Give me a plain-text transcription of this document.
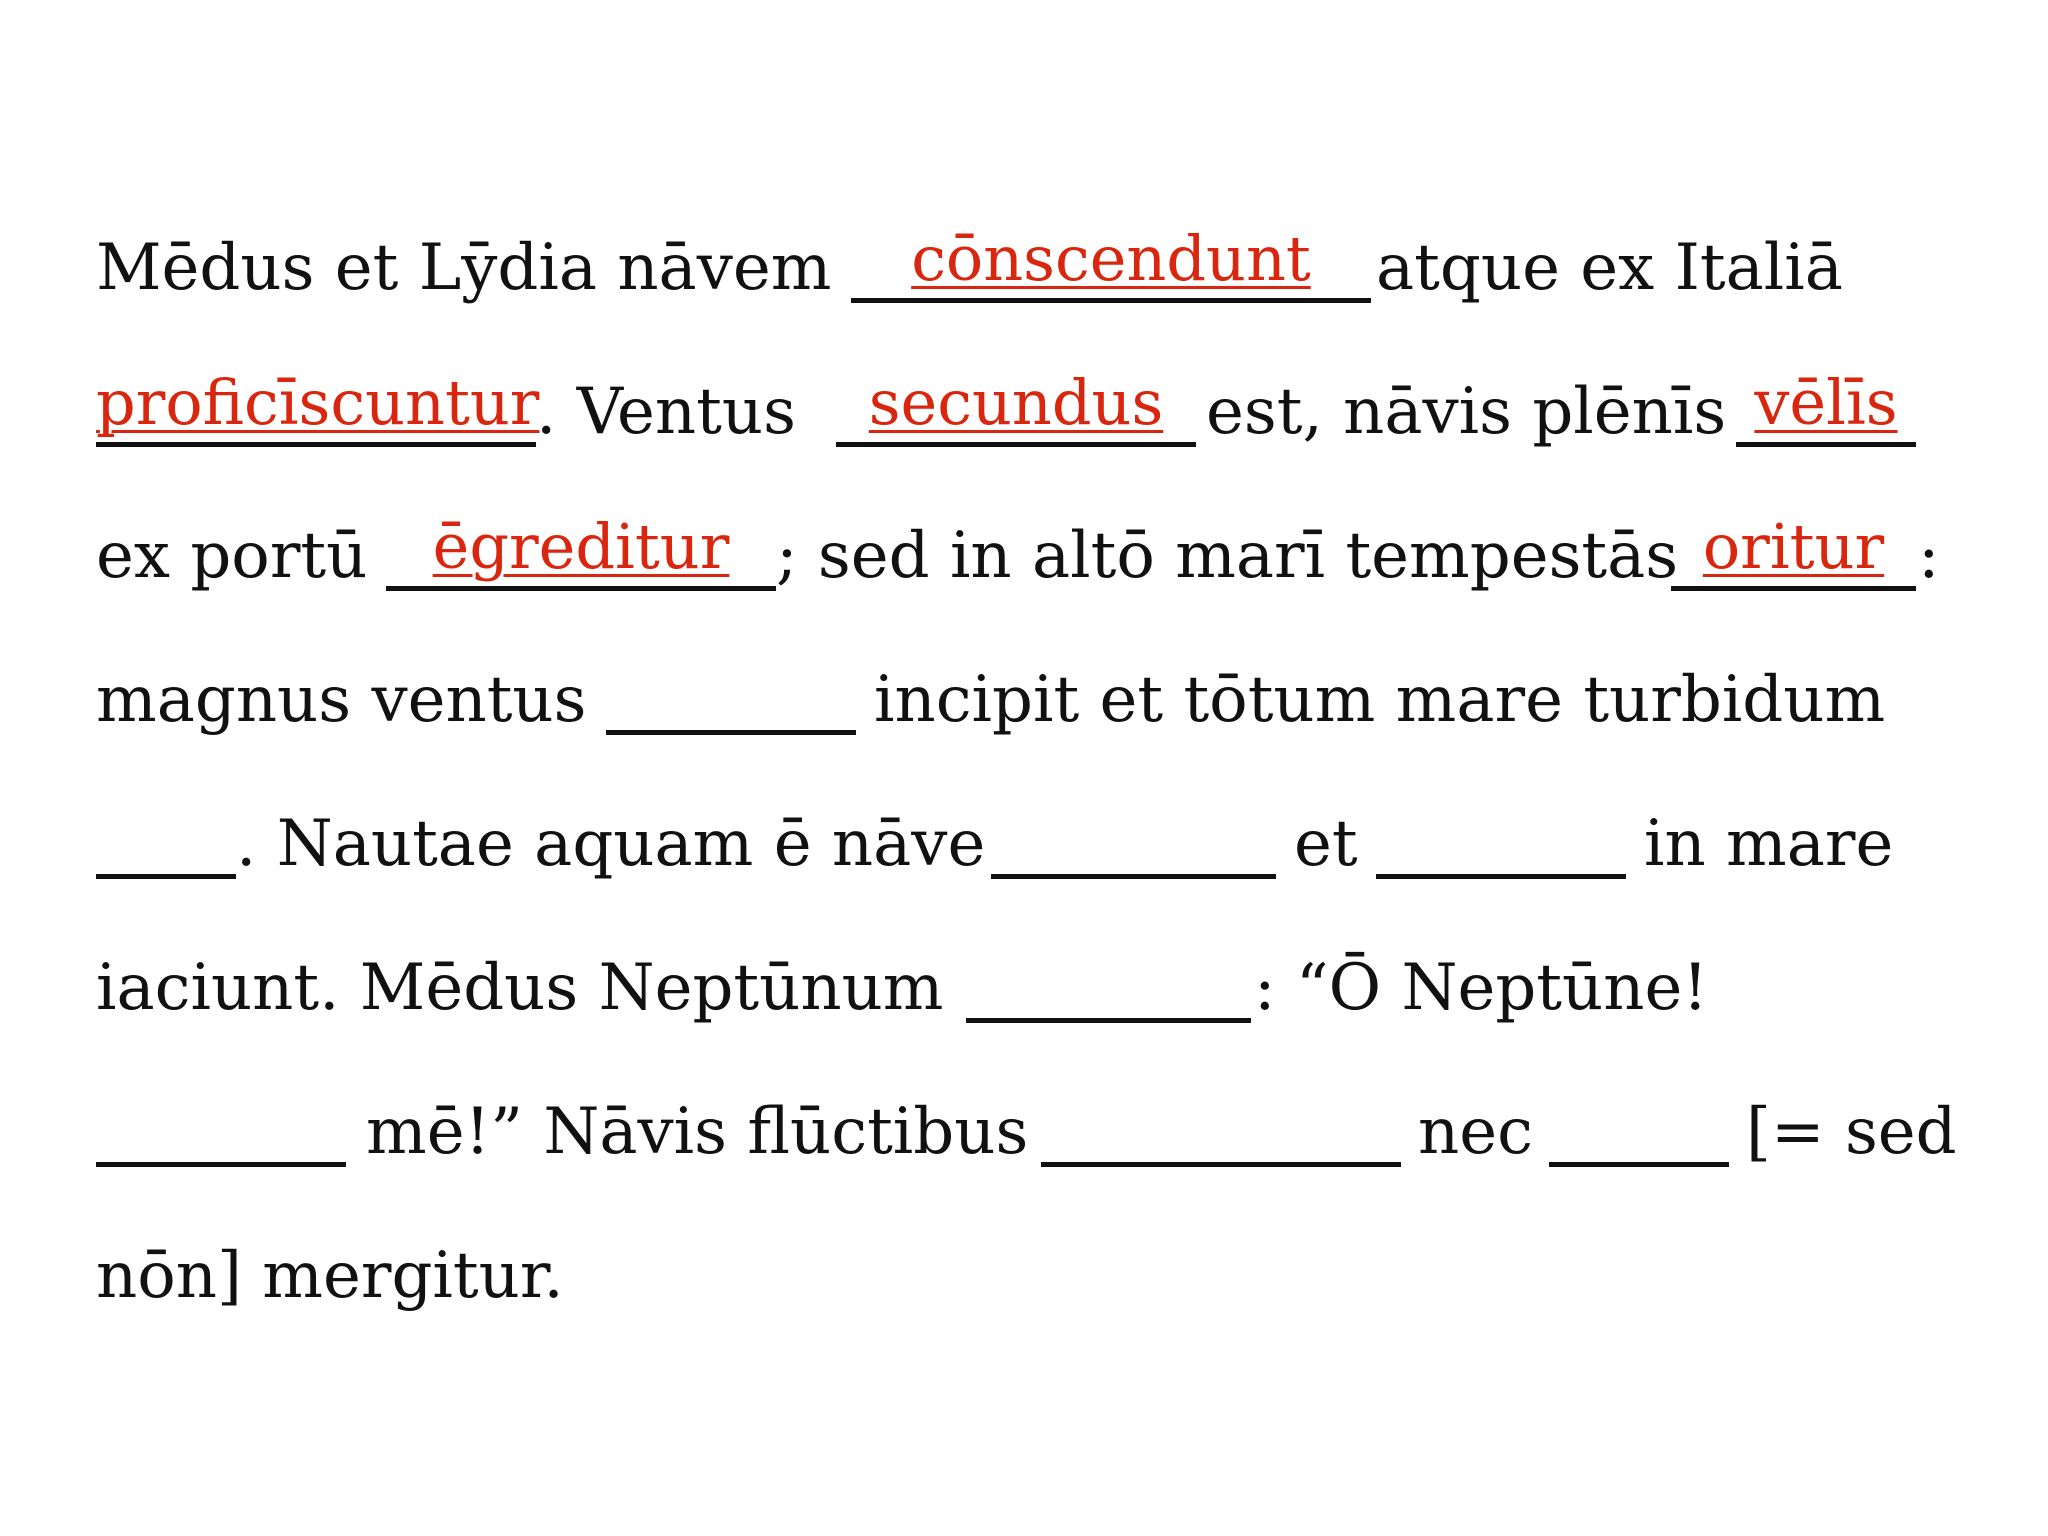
Mēdus et Lȳdia nāvem	cōnscendunt	atque ex Italiā
proficīscuntur
. Ventus	secundus est, nāvis plēnīs vēlīs
ex portū	ēgreditur ; sed in altō marī tempestās oritur :
magnus ventus	incipit et tōtum mare turbidum
. Nautae aquam ē nāve	et	in mare
iaciunt. Mēdus Neptūnum	: “Ō Neptūne!
mē!” Nāvis flūctibus	nec	[= sed
nōn] mergitur.
